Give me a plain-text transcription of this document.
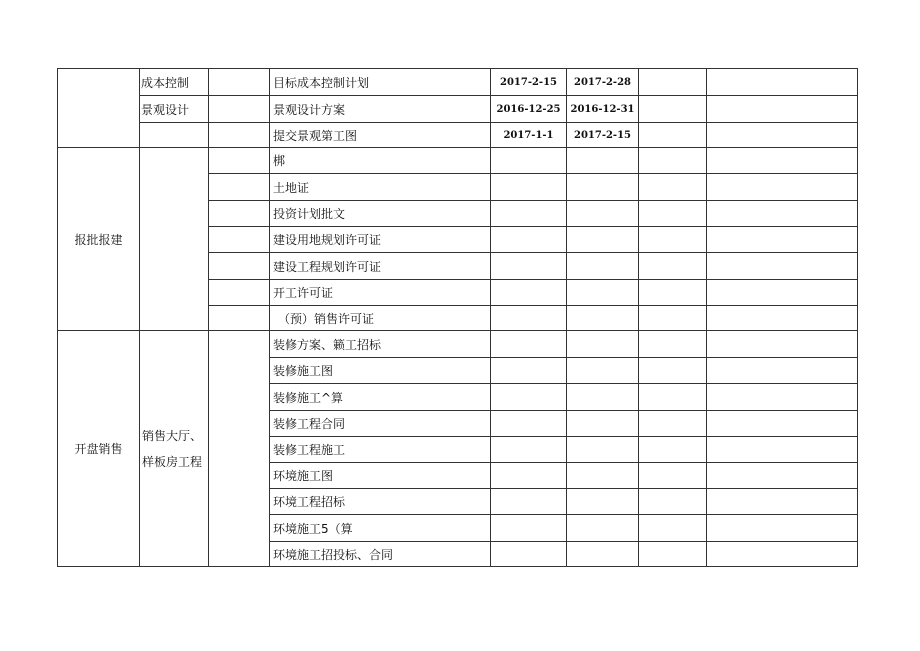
	成本控制		目标成本控制计划	2017-2-15	2017-2-28		
	景观设计		景观设计方案	2016-12-25	2016-12-31		
			提交景观第工图	2017-1-1	2017-2-15		
报批报建			梆				
			土地证				
			投资计划批文				
			建设用地规划许可证				
			建设工程规划许可证				
			开工许可证				
			（预）销售许可证				
开盘销售	销售大厅、样板房工程		装修方案、籁工招标				
			装修施工图				
			装修施工^算				
			装修工程合同				
			装修工程施工				
			环境施工图				
			环境工程招标				
			环境施工5（算				
			环境施工招投标、合同				
